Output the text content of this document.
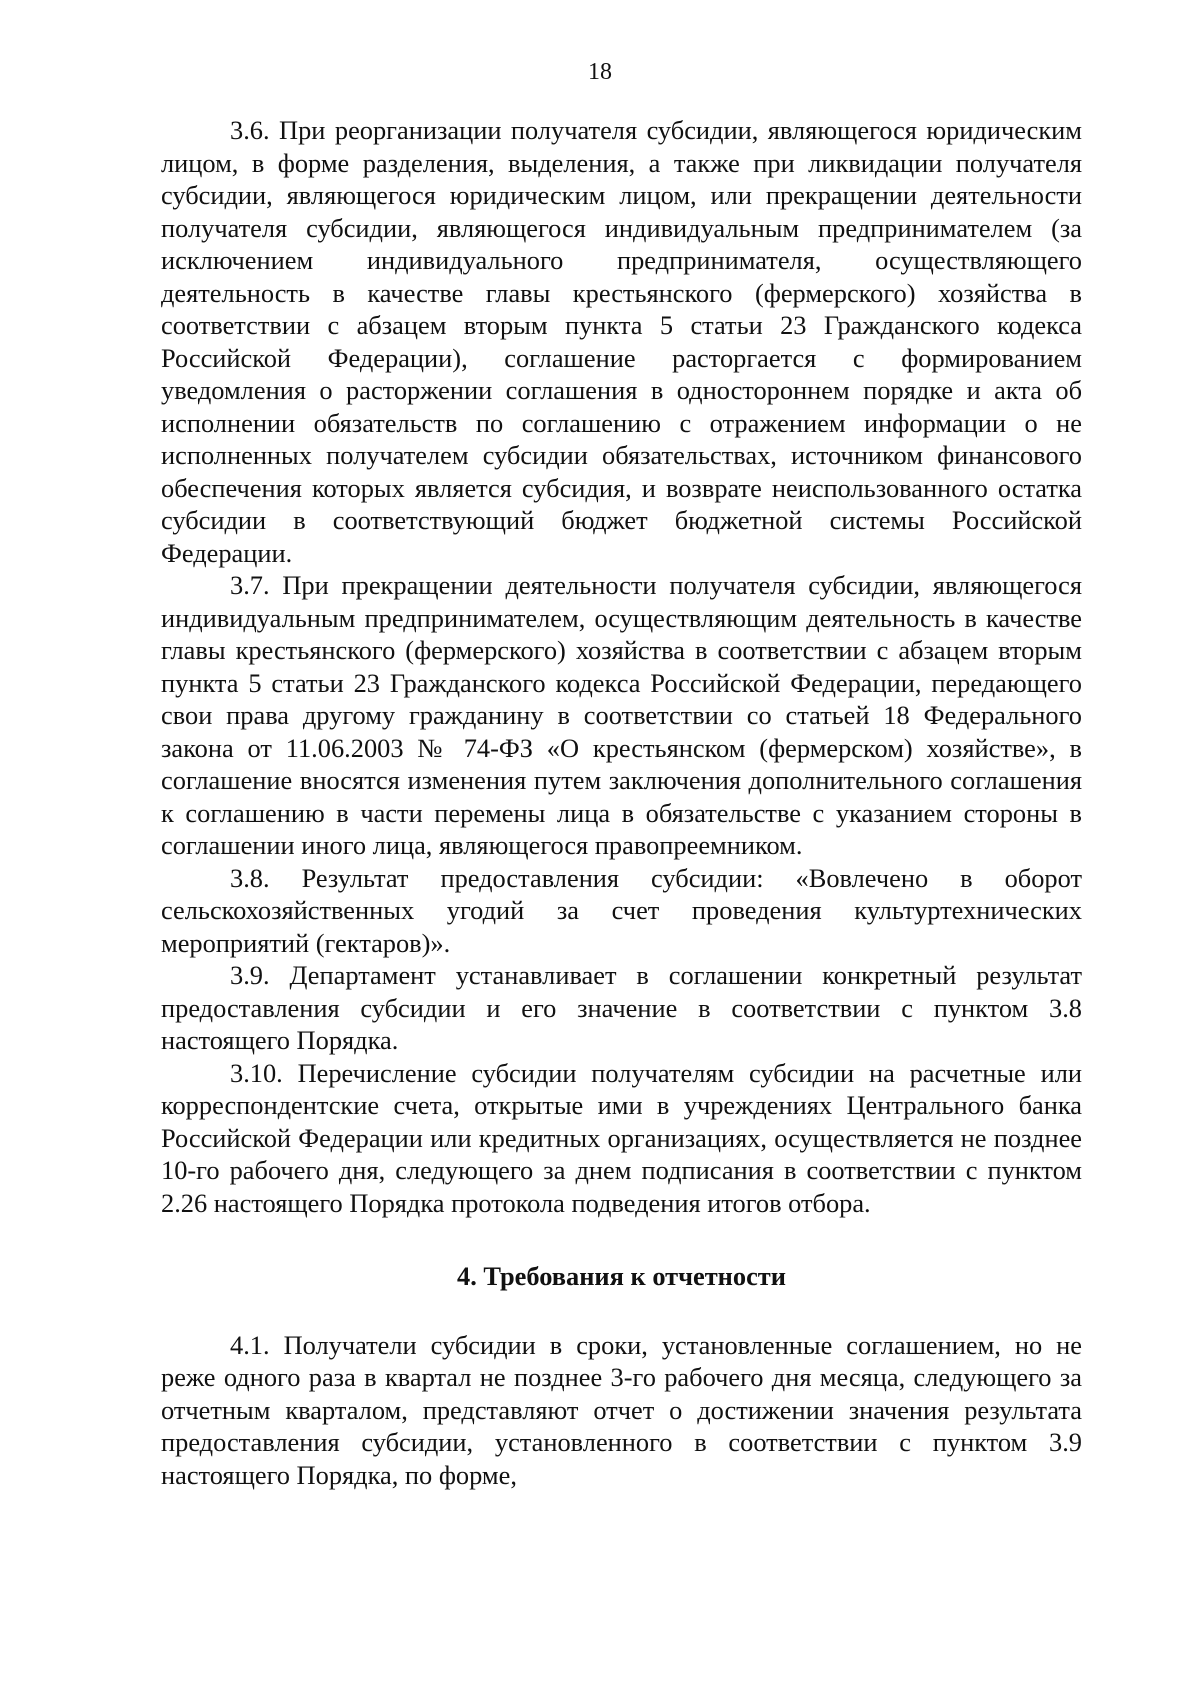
18

3.6. При реорганизации получателя субсидии, являющегося юридическим лицом, в форме разделения, выделения, а также при ликвидации получателя субсидии, являющегося юридическим лицом, или прекращении деятельности получателя субсидии, являющегося индивидуальным предпринимателем (за исключением индивидуального предпринимателя, осуществляющего деятельность в качестве главы крестьянского (фермерского) хозяйства в соответствии с абзацем вторым пункта 5 статьи 23 Гражданского кодекса Российской Федерации), соглашение расторгается с формированием уведомления о расторжении соглашения в одностороннем порядке и акта об исполнении обязательств по соглашению с отражением информации о не исполненных получателем субсидии обязательствах, источником финансового обеспечения которых является субсидия, и возврате неиспользованного остатка субсидии в соответствующий бюджет бюджетной системы Российской Федерации.

3.7. При прекращении деятельности получателя субсидии, являющегося индивидуальным предпринимателем, осуществляющим деятельность в качестве главы крестьянского (фермерского) хозяйства в соответствии с абзацем вторым пункта 5 статьи 23 Гражданского кодекса Российской Федерации, передающего свои права другому гражданину в соответствии со статьей 18 Федерального закона от 11.06.2003 № 74-ФЗ «О крестьянском (фермерском) хозяйстве», в соглашение вносятся изменения путем заключения дополнительного соглашения к соглашению в части перемены лица в обязательстве с указанием стороны в соглашении иного лица, являющегося правопреемником.

3.8. Результат предоставления субсидии: «Вовлечено в оборот сельскохозяйственных угодий за счет проведения культуртехнических мероприятий (гектаров)».

3.9. Департамент устанавливает в соглашении конкретный результат предоставления субсидии и его значение в соответствии с пунктом 3.8 настоящего Порядка.

3.10. Перечисление субсидии получателям субсидии на расчетные или корреспондентские счета, открытые ими в учреждениях Центрального банка Российской Федерации или кредитных организациях, осуществляется не позднее 10-го рабочего дня, следующего за днем подписания в соответствии с пунктом 2.26 настоящего Порядка протокола подведения итогов отбора.

4. Требования к отчетности

4.1. Получатели субсидии в сроки, установленные соглашением, но не реже одного раза в квартал не позднее 3-го рабочего дня месяца, следующего за отчетным кварталом, представляют отчет о достижении значения результата предоставления субсидии, установленного в соответствии с пунктом 3.9 настоящего Порядка, по форме,
